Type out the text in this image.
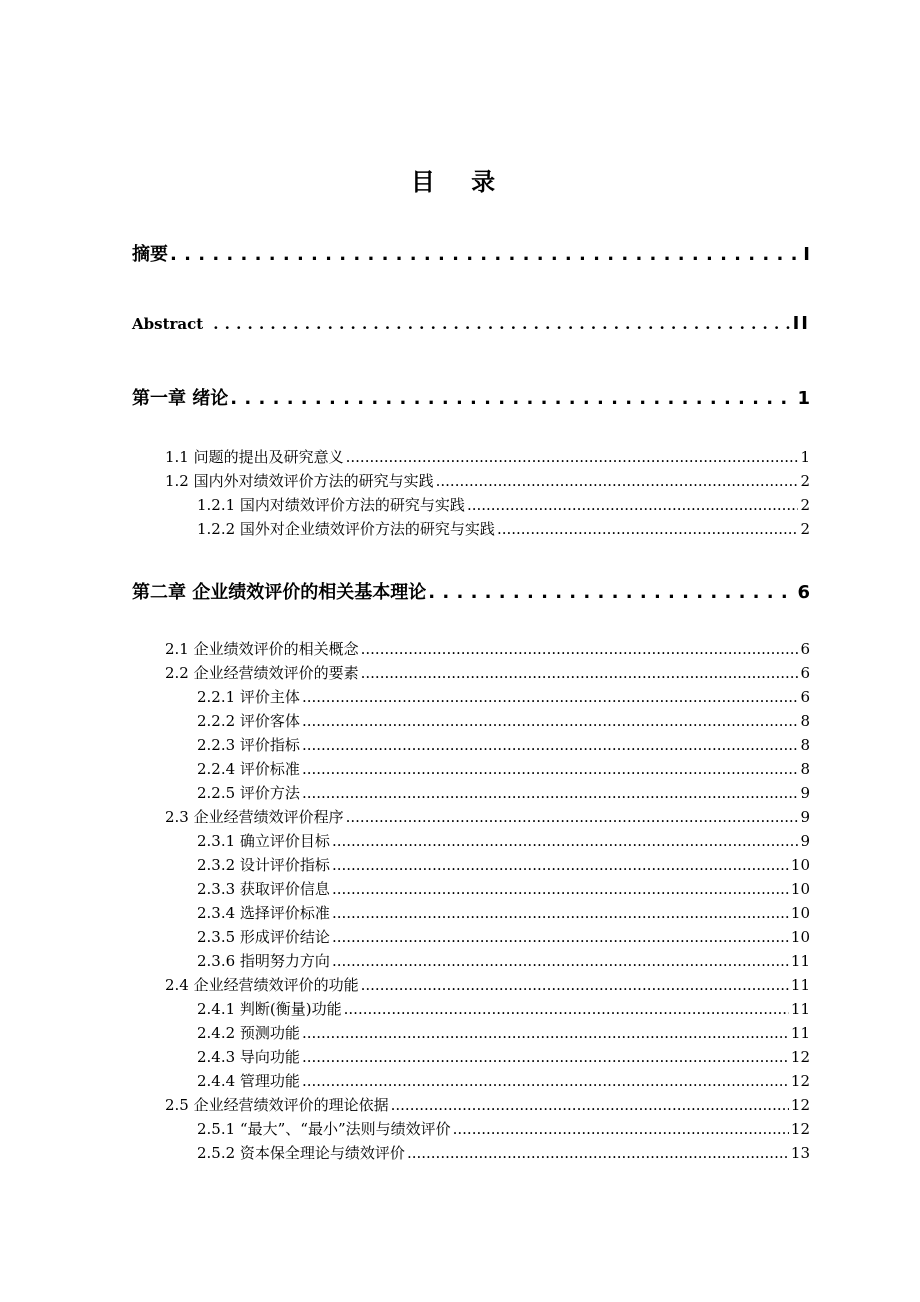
目 录
摘要 . . .	I
Abstract . . .	II
第一章 绪论 . . .	1
1.1 问题的提出及研究意义 .....	1
1.2 国内外对绩效评价方法的研究与实践 .....	2
1.2.1 国内对绩效评价方法的研究与实践 .....	2
1.2.2 国外对企业绩效评价方法的研究与实践 .....	2
第二章 企业绩效评价的相关基本理论 . . .	6
2.1 企业绩效评价的相关概念 .....	6
2.2 企业经营绩效评价的要素 .....	6
2.2.1 评价主体 .....	6
2.2.2 评价客体 .....	8
2.2.3 评价指标 .....	8
2.2.4 评价标准 .....	8
2.2.5 评价方法 .....	9
2.3 企业经营绩效评价程序 .....	9
2.3.1 确立评价目标 .....	9
2.3.2 设计评价指标 .....	10
2.3.3 获取评价信息 .....	10
2.3.4 选择评价标准 .....	10
2.3.5 形成评价结论 .....	10
2.3.6 指明努力方向 .....	11
2.4 企业经营绩效评价的功能 .....	11
2.4.1 判断(衡量)功能 .....	11
2.4.2 预测功能 .....	11
2.4.3 导向功能 .....	12
2.4.4 管理功能 .....	12
2.5 企业经营绩效评价的理论依据 .....	12
2.5.1 “最大”、“最小”法则与绩效评价 .....	12
2.5.2 资本保全理论与绩效评价 .....	13
